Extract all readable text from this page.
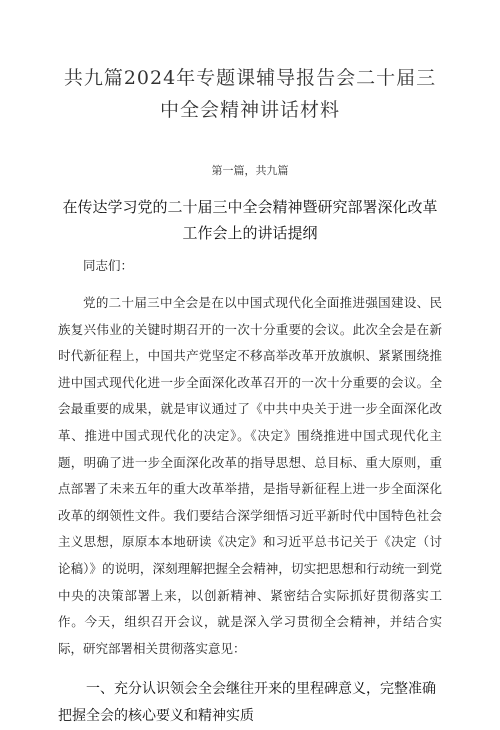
共九篇2024年专题课辅导报告会二十届三中全会精神讲话材料

第一篇，共九篇

在传达学习党的二十届三中全会精神暨研究部署深化改革工作会上的讲话提纲

同志们：

党的二十届三中全会是在以中国式现代化全面推进强国建设、民族复兴伟业的关键时期召开的一次十分重要的会议。此次全会是在新时代新征程上，中国共产党坚定不移高举改革开放旗帜、紧紧围绕推进中国式现代化进一步全面深化改革召开的一次十分重要的会议。全会最重要的成果，就是审议通过了《中共中央关于进一步全面深化改革、推进中国式现代化的决定》。《决定》围绕推进中国式现代化主题，明确了进一步全面深化改革的指导思想、总目标、重大原则，重点部署了未来五年的重大改革举措，是指导新征程上进一步全面深化改革的纲领性文件。我们要结合深学细悟习近平新时代中国特色社会主义思想，原原本本地研读《决定》和习近平总书记关于《决定（讨论稿）》的说明，深刻理解把握全会精神，切实把思想和行动统一到党中央的决策部署上来，以创新精神、紧密结合实际抓好贯彻落实工作。今天，组织召开会议，就是深入学习贯彻全会精神，并结合实际，研究部署相关贯彻落实意见：

一、充分认识领会全会继往开来的里程碑意义，完整准确把握全会的核心要义和精神实质
